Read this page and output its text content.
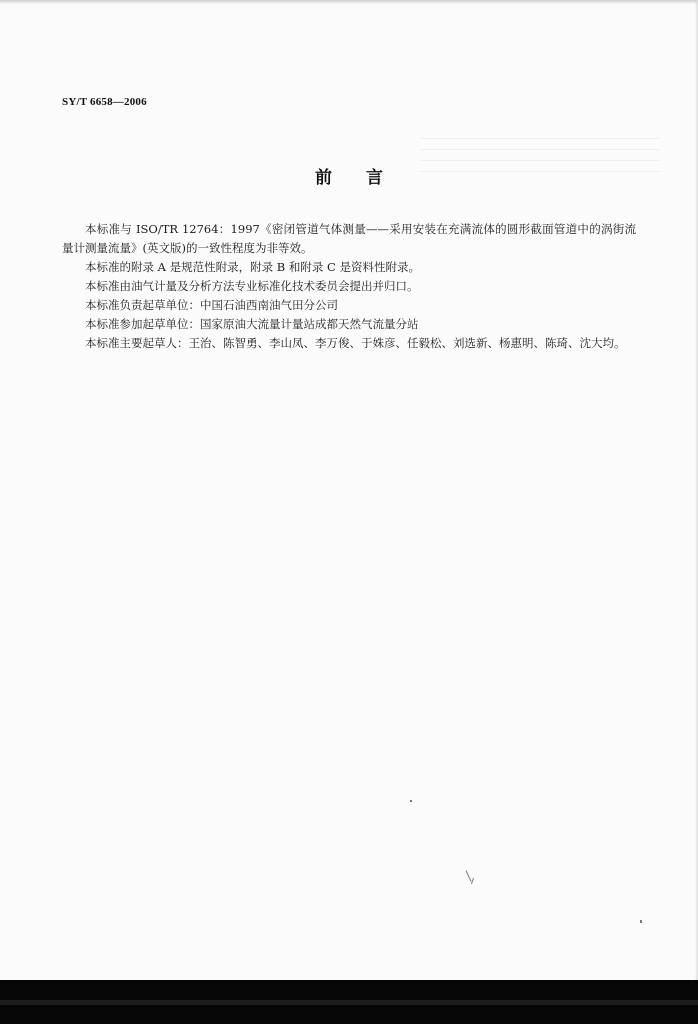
SY/T 6658—2006
前言

本标准与 ISO/TR 12764：1997《密闭管道气体测量——采用安装在充满流体的圆形截面管道中的涡街流量计测量流量》(英文版)的一致性程度为非等效。

本标准的附录 A 是规范性附录，附录 B 和附录 C 是资料性附录。

本标准由油气计量及分析方法专业标准化技术委员会提出并归口。

本标准负责起草单位：中国石油西南油气田分公司

本标准参加起草单位：国家原油大流量计量站成都天然气流量分站

本标准主要起草人：王治、陈智勇、李山凤、李万俊、于姝彦、任毅松、刘选新、杨惠明、陈琦、沈大均。
